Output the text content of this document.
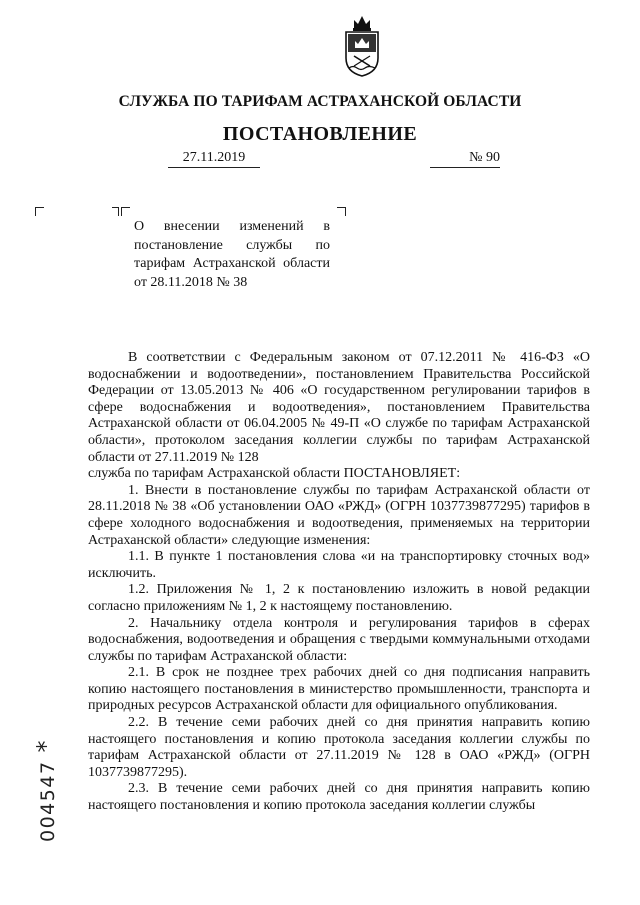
СЛУЖБА ПО ТАРИФАМ АСТРАХАНСКОЙ ОБЛАСТИ
ПОСТАНОВЛЕНИЕ
27.11.2019	№ 90
О внесении изменений в постановление службы по тарифам Астраханской области от 28.11.2018 № 38

В соответствии с Федеральным законом от 07.12.2011 № 416-ФЗ «О водоснабжении и водоотведении», постановлением Правительства Российской Федерации от 13.05.2013 № 406 «О государственном регулировании тарифов в сфере водоснабжения и водоотведения», постановлением Правительства Астраханской области от 06.04.2005 № 49-П «О службе по тарифам Астраханской области», протоколом заседания коллегии службы по тарифам Астраханской области от 27.11.2019 № 128

служба по тарифам Астраханской области ПОСТАНОВЛЯЕТ:

1. Внести в постановление службы по тарифам Астраханской области от 28.11.2018 № 38 «Об установлении ОАО «РЖД» (ОГРН 1037739877295) тарифов в сфере холодного водоснабжения и водоотведения, применяемых на территории Астраханской области» следующие изменения:

1.1. В пункте 1 постановления слова «и на транспортировку сточных вод» исключить.

1.2. Приложения № 1, 2 к постановлению изложить в новой редакции согласно приложениям № 1, 2 к настоящему постановлению.

2. Начальнику отдела контроля и регулирования тарифов в сферах водоснабжения, водоотведения и обращения с твердыми коммунальными отходами службы по тарифам Астраханской области:

2.1. В срок не позднее трех рабочих дней со дня подписания направить копию настоящего постановления в министерство промышленности, транспорта и природных ресурсов Астраханской области для официального опубликования.

2.2. В течение семи рабочих дней со дня принятия направить копию настоящего постановления и копию протокола заседания коллегии службы по тарифам Астраханской области от 27.11.2019 № 128 в ОАО «РЖД» (ОГРН 1037739877295).

2.3. В течение семи рабочих дней со дня принятия направить копию настоящего постановления и копию протокола заседания коллегии службы

004547*
